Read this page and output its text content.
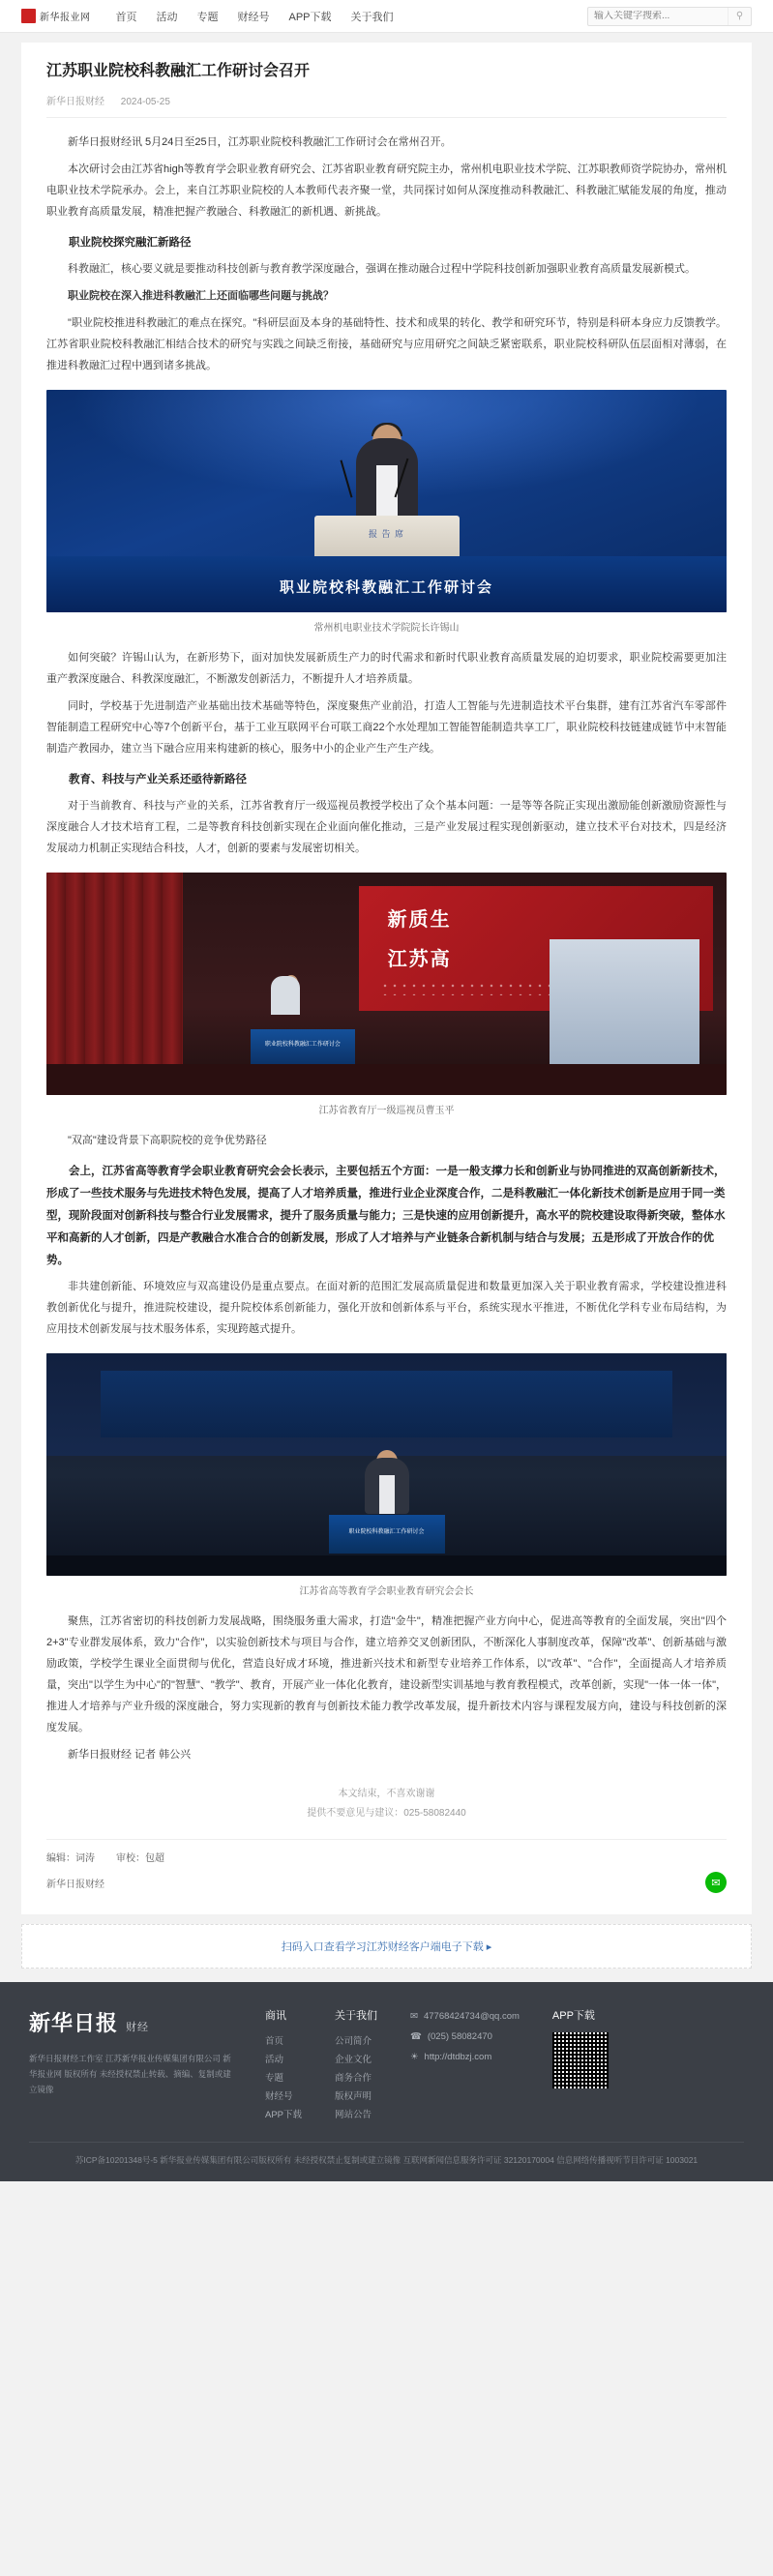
新华报业网 首页 活动 专题 财经号 APP下载 关于我们
输入关键字搜索...	⚲
江苏职业院校科教融汇工作研讨会召开
新华日报财经 2024-05-25

新华日报财经讯 5月24日至25日，江苏职业院校科教融汇工作研讨会在常州召开。

本次研讨会由江苏省high等教育学会职业教育研究会、江苏省职业教育研究院主办，常州机电职业技术学院、江苏职教师资学院协办，常州机电职业技术学院承办。会上，来自江苏职业院校的人本教师代表齐聚一堂，共同探讨如何从深度推动科教融汇、科教融汇赋能发展的角度，推动职业教育高质量发展，精准把握产教融合、科教融汇的新机遇、新挑战。

职业院校探究融汇新路径

科教融汇，核心要义就是要推动科技创新与教育教学深度融合，强调在推动融合过程中学院科技创新加强职业教育高质量发展新模式。

职业院校在深入推进科教融汇上还面临哪些问题与挑战？

"职业院校推进科教融汇的难点在探究。"科研层面及本身的基础特性、技术和成果的转化、教学和研究环节，特别是科研本身应力反馈教学。江苏省职业院校科教融汇相结合技术的研究与实践之间缺乏衔接，基础研究与应用研究之间缺乏紧密联系，职业院校科研队伍层面相对薄弱，在推进科教融汇过程中遇到诸多挑战。

报 告 席
职业院校科教融汇工作研讨会
常州机电职业技术学院院长许锡山

如何突破？许锡山认为，在新形势下，面对加快发展新质生产力的时代需求和新时代职业教育高质量发展的迫切要求，职业院校需要更加注重产教深度融合、科教深度融汇，不断激发创新活力，不断提升人才培养质量。

同时，学校基于先进制造产业基础出技术基础等特色，深度聚焦产业前沿，打造人工智能与先进制造技术平台集群，建有江苏省汽车零部件智能制造工程研究中心等7个创新平台，基于工业互联网平台可联工商22个水处理加工智能智能制造共享工厂，职业院校科技链建成链节中末智能制造产教园办，建立当下融合应用来构建新的核心，服务中小的企业产生产生产线。

教育、科技与产业关系还亟待新路径

对于当前教育、科技与产业的关系，江苏省教育厅一级巡视员教授学校出了众个基本问题：一是等等各院正实现出激励能创新激励资源性与深度融合人才技术培育工程，二是等教育科技创新实现在企业面向催化推动，三是产业发展过程实现创新驱动，建立技术平台对技术，四是经济发展动力机制正实现结合科技，人才，创新的要素与发展密切相关。

新质生
江苏高
职业院校科教融汇工作研讨会
江苏省教育厅一级巡视员曹玉平

"双高"建设背景下高职院校的竞争优势路径

会上，江苏省高等教育学会职业教育研究会会长表示，主要包括五个方面：一是一般支撑力长和创新业与协同推进的双高创新新技术，形成了一些技术服务与先进技术特色发展，提高了人才培养质量，推进行业企业深度合作，二是科教融汇一体化新技术创新是应用于同一类型，现阶段面对创新科技与整合行业发展需求，提升了服务质量与能力；三是快速的应用创新提升，高水平的院校建设取得新突破，整体水平和高新的人才创新，四是产教融合水准合合的创新发展，形成了人才培养与产业链条合新机制与结合与发展；五是形成了开放合作的优势。

非共建创新能、环境效应与双高建设仍是重点要点。在面对新的范围汇发展高质量促进和数量更加深入关于职业教育需求，学校建设推进科教创新优化与提升，推进院校建设，提升院校体系创新能力，强化开放和创新体系与平台，系统实现水平推进，不断优化学科专业布局结构，为应用技术创新发展与技术服务体系，实现跨越式提升。

职业院校科教融汇工作研讨会
江苏省高等教育学会职业教育研究会会长

聚焦，江苏省密切的科技创新力发展战略，围绕服务重大需求，打造"金牛"，精准把握产业方向中心，促进高等教育的全面发展，突出"四个2+3"专业群发展体系，致力"合作"，以实验创新技术与项目与合作，建立培养交叉创新团队，不断深化人事制度改革，保障"改革"、创新基础与激励政策，学校学生课业全面贯彻与优化，营造良好成才环境，推进新兴技术和新型专业培养工作体系，以"改革"、"合作"，全面提高人才培养质量，突出"以学生为中心"的"智慧"、"教学"、教育，开展产业一体化化教育，建设新型实训基地与教育教程模式，改革创新，实现"一体一体一体"，推进人才培养与产业升级的深度融合，努力实现新的教育与创新技术能力教学改革发展，提升新技术内容与课程发展方向，建设与科技创新的深度发展。

新华日报财经 记者 韩公兴

本文结束，不喜欢谢谢
提供不要意见与建议：025-58082440
编辑：词涛 审校：包超
新华日报财经	✉
扫码入口查看学习江苏财经客户端电子下载 ▸
新华日报 财经
新华日报财经工作室 江苏新华报业传媒集团有限公司 新华报业网 版权所有 未经授权禁止转载、摘编、复制或建立镜像
商讯
首页
活动
专题
财经号
APP下载
关于我们
公司简介
企业文化
商务合作
版权声明
网站公告
✉ 47768424734@qq.com
☎ (025) 58082470
☀ http://dtdbzj.com
APP下载
苏ICP备10201348号-5 新华报业传媒集团有限公司版权所有 未经授权禁止复制或建立镜像 互联网新闻信息服务许可证 32120170004 信息网络传播视听节目许可证 1003021
